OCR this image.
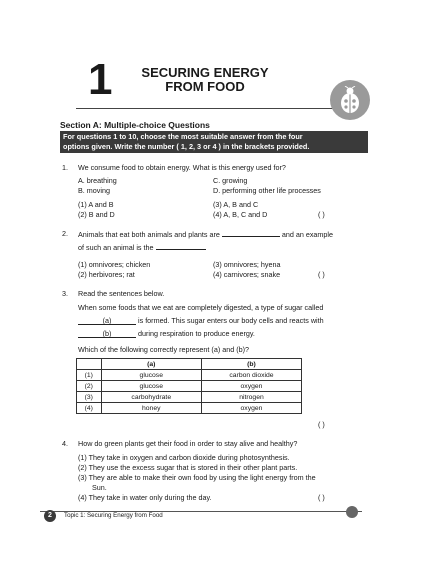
1 SECURING ENERGY
FROM FOOD
Section A: Multiple-choice Questions
For questions 1 to 10, choose the most suitable answer from the four
options given. Write the number ( 1, 2, 3 or 4 ) in the brackets provided.
1. We consume food to obtain energy. What is this energy used for?
A. breathing
B. moving
C. growing
D. performing other life processes
(1) A and B
(2) B and D
(3) A, B and C
(4) A, B, C and D	( )
2. Animals that eat both animals and plants are	and an example
of such an animal is the
(1) omnivores; chicken
(2) herbivores; rat
(3) omnivores; hyena
(4) carnivores; snake	( )
3. Read the sentences below.
When some foods that we eat are completely digested, a type of sugar called
(a)	is formed. This sugar enters our body cells and reacts with
(b)	during respiration to produce energy.
Which of the following correctly represent (a) and (b)?
	(a)	(b)
(1)	glucose	carbon dioxide
(2)	glucose	oxygen
(3)	carbohydrate	nitrogen
(4)	honey	oxygen
( )
4. How do green plants get their food in order to stay alive and healthy?
(1) They take in oxygen and carbon dioxide during photosynthesis.
(2) They use the excess sugar that is stored in their other plant parts.
(3) They are able to make their own food by using the light energy from the
Sun.
(4) They take in water only during the day.	( )
2	Topic 1: Securing Energy from Food
